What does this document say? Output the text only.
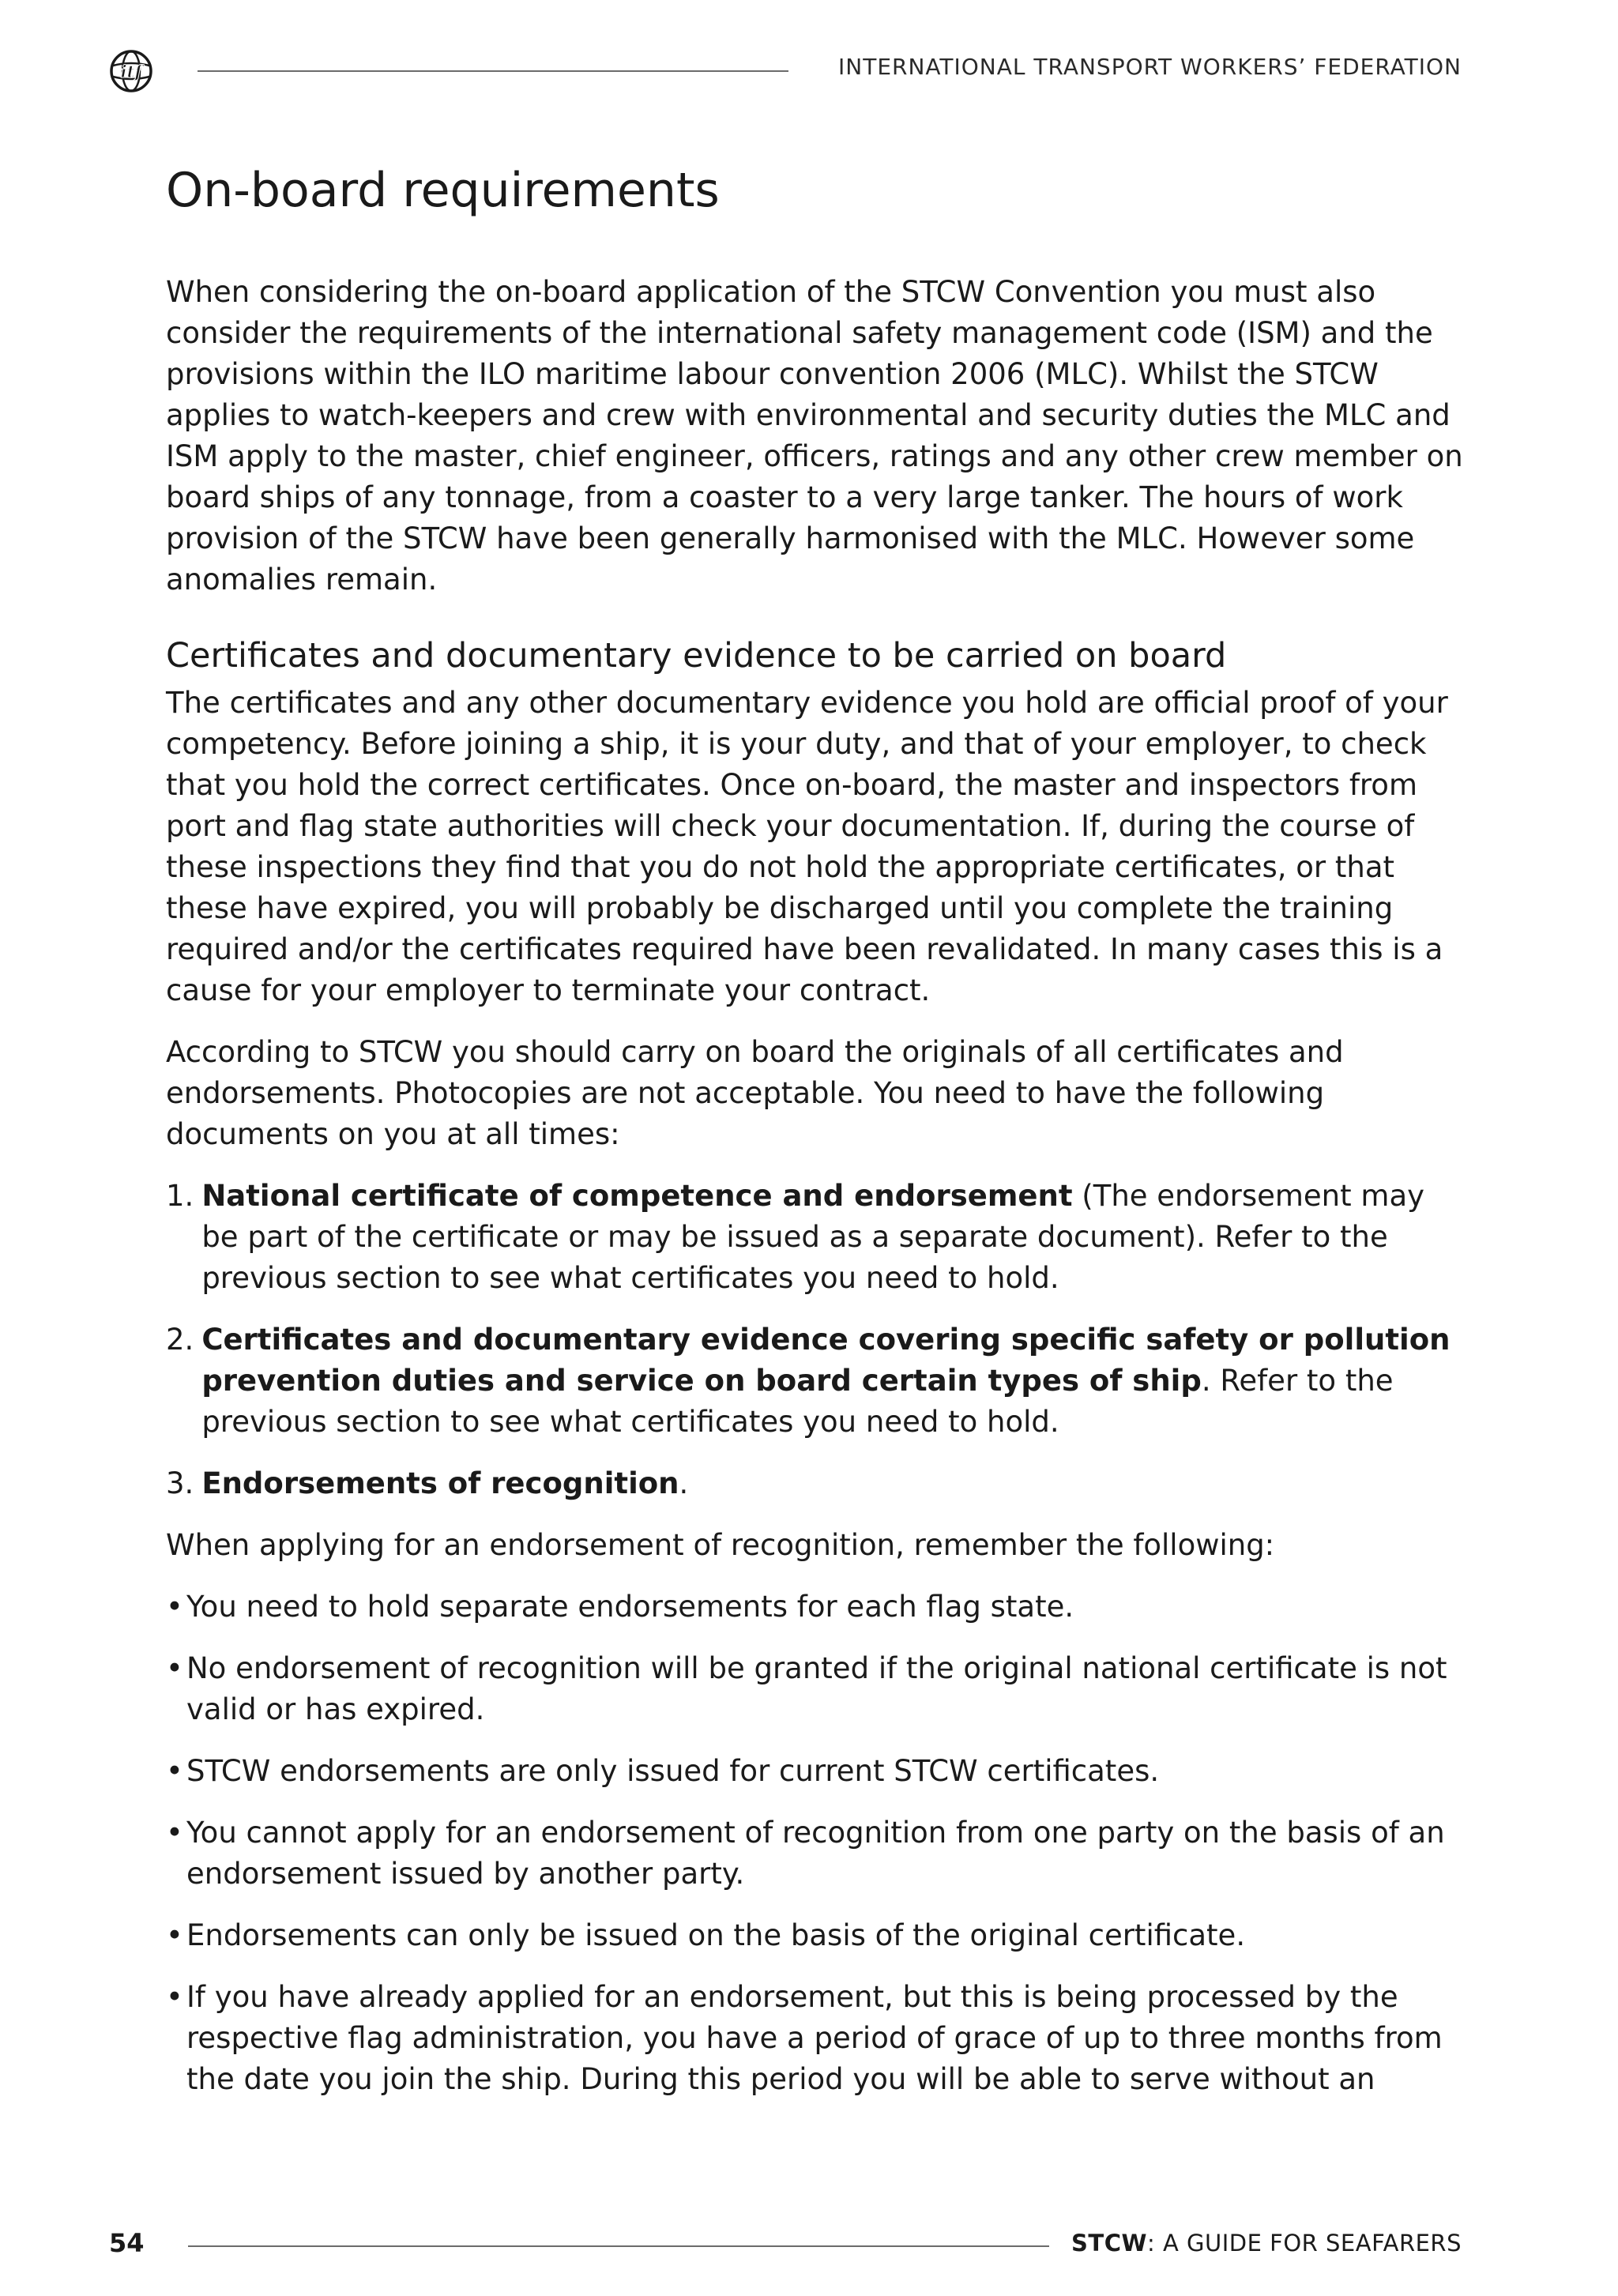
itf	INTERNATIONAL TRANSPORT WORKERS’ FEDERATION
On-board requirements

When considering the on-board application of the STCW Convention you must also consider the requirements of the international safety management code (ISM) and the provisions within the ILO maritime labour convention 2006 (MLC). Whilst the STCW applies to watch-keepers and crew with environmental and security duties the MLC and ISM apply to the master, chief engineer, officers, ratings and any other crew member on board ships of any tonnage, from a coaster to a very large tanker. The hours of work provision of the STCW have been generally harmonised with the MLC. However some anomalies remain.

Certificates and documentary evidence to be carried on board

The certificates and any other documentary evidence you hold are official proof of your competency. Before joining a ship, it is your duty, and that of your employer, to check that you hold the correct certificates. Once on-board, the master and inspectors from port and flag state authorities will check your documentation. If, during the course of these inspections they find that you do not hold the appropriate certificates, or that these have expired, you will probably be discharged until you complete the training required and/or the certificates required have been revalidated. In many cases this is a cause for your employer to terminate your contract.

According to STCW you should carry on board the originals of all certificates and endorsements. Photocopies are not acceptable. You need to have the following documents on you at all times:

1. National certificate of competence and endorsement (The endorsement may be part of the certificate or may be issued as a separate document). Refer to the previous section to see what certificates you need to hold.
2. Certificates and documentary evidence covering specific safety or pollution prevention duties and service on board certain types of ship. Refer to the previous section to see what certificates you need to hold.
3. Endorsements of recognition.

When applying for an endorsement of recognition, remember the following:

• You need to hold separate endorsements for each flag state.
• No endorsement of recognition will be granted if the original national certificate is not valid or has expired.
• STCW endorsements are only issued for current STCW certificates.
• You cannot apply for an endorsement of recognition from one party on the basis of an endorsement issued by another party.
• Endorsements can only be issued on the basis of the original certificate.
• If you have already applied for an endorsement, but this is being processed by the respective flag administration, you have a period of grace of up to three months from the date you join the ship. During this period you will be able to serve without an
54	STCW: A GUIDE FOR SEAFARERS
